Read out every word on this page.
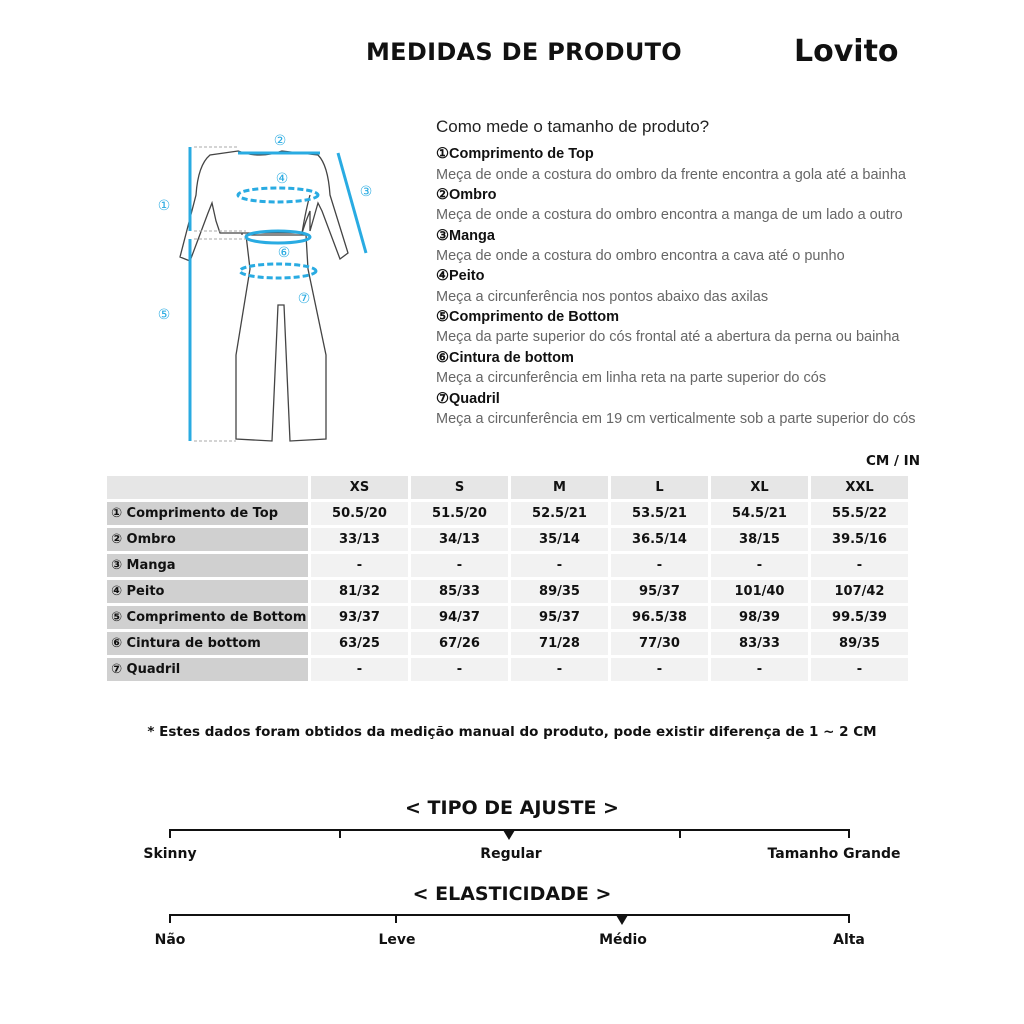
MEDIDAS DE PRODUTO	Lovito
①
②
③
④
⑤
⑥
⑦
Como mede o tamanho de produto?
①Comprimento de Top
Meça de onde a costura do ombro da frente encontra a gola até a bainha
②Ombro
Meça de onde a costura do ombro encontra a manga de um lado a outro
③Manga
Meça de onde a costura do ombro encontra a cava até o punho
④Peito
Meça a circunferência nos pontos abaixo das axilas
⑤Comprimento de Bottom
Meça da parte superior do cós frontal até a abertura da perna ou bainha
⑥Cintura de bottom
Meça a circunferência em linha reta na parte superior do cós
⑦Quadril
Meça a circunferência em 19 cm verticalmente sob a parte superior do cós
CM / IN
	XS	S	M	L	XL	XXL
① Comprimento de Top	50.5/20	51.5/20	52.5/21	53.5/21	54.5/21	55.5/22
② Ombro	33/13	34/13	35/14	36.5/14	38/15	39.5/16
③ Manga	-	-	-	-	-	-
④ Peito	81/32	85/33	89/35	95/37	101/40	107/42
⑤ Comprimento de Bottom	93/37	94/37	95/37	96.5/38	98/39	99.5/39
⑥ Cintura de bottom	63/25	67/26	71/28	77/30	83/33	89/35
⑦ Quadril	-	-	-	-	-	-
* Estes dados foram obtidos da medição manual do produto, pode existir diferença de 1 ~ 2 CM
< TIPO DE AJUSTE >
Skinny	Regular	Tamanho Grande
< ELASTICIDADE >
Não	Leve	Médio	Alta
